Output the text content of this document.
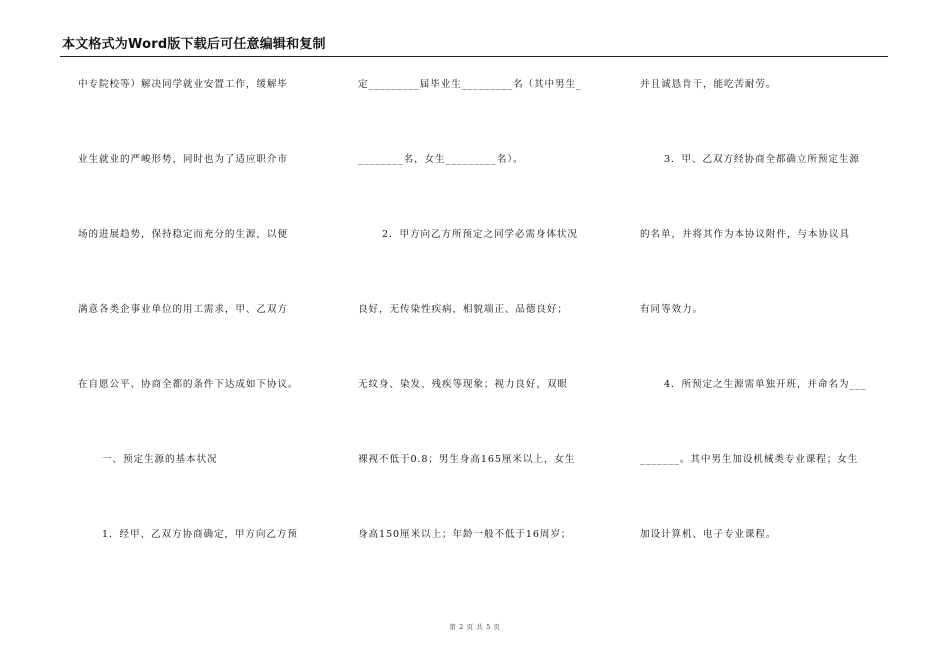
本文格式为Word版下载后可任意编辑和复制
中专院校等）解决同学就业安置工作，缓解毕
业生就业的严峻形势，同时也为了适应职介市
场的进展趋势，保持稳定而充分的生源，以便
满意各类企事业单位的用工需求，甲、乙双方
在自愿公平、协商全都的条件下达成如下协议。
一、预定生源的基本状况
1．经甲、乙双方协商确定，甲方向乙方预
定_________届毕业生_________名（其中男生_
________名，女生_________名）。
2．甲方向乙方所预定之同学必需身体状况
良好，无传染性疾病，相貌端正、品德良好；
无纹身、染发、残疾等现象；视力良好，双眼
裸视不低于0.8；男生身高165厘米以上，女生
身高150厘米以上；年龄一般不低于16周岁；
并且诚恳肯干，能吃苦耐劳。
3．甲、乙双方经协商全都确立所预定生源
的名单，并将其作为本协议附件，与本协议具
有同等效力。
4．所预定之生源需单独开班，并命名为___
_______。其中男生加设机械类专业课程；女生
加设计算机、电子专业课程。
第 2 页 共 5 页
